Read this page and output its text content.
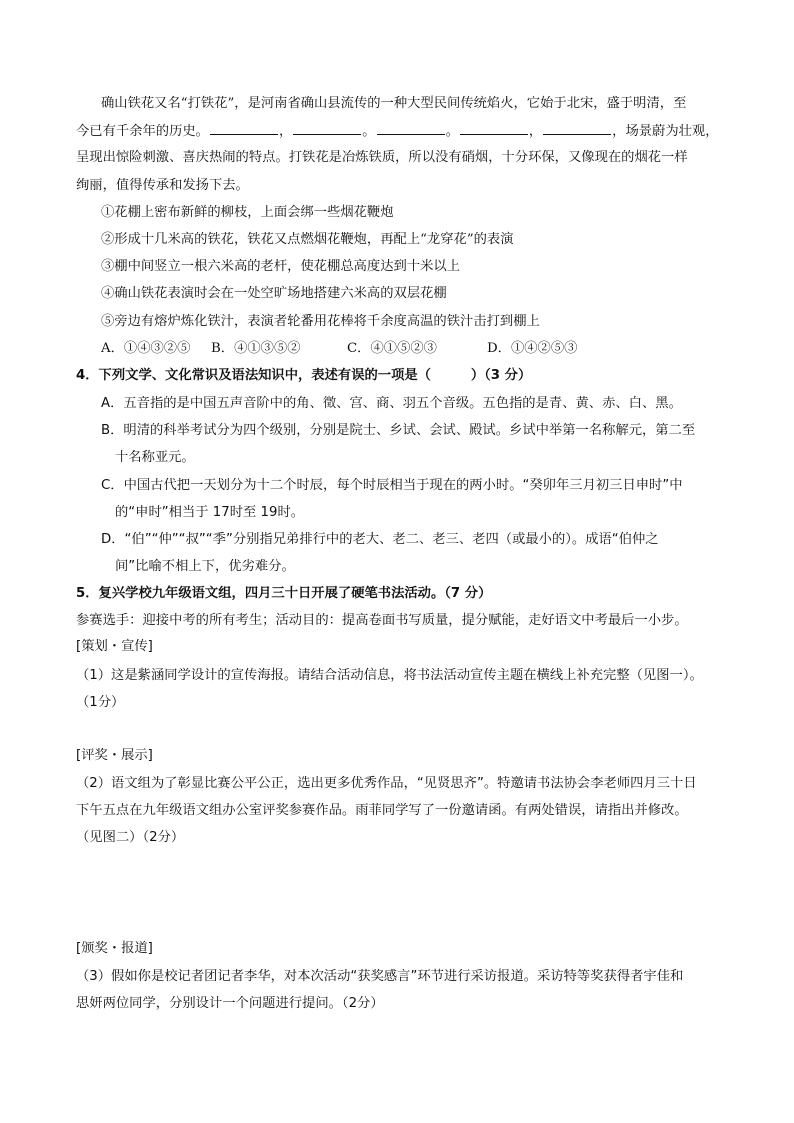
确山铁花又名“打铁花”，是河南省确山县流传的一种大型民间传统焰火，它始于北宋，盛于明清，至
今已有千余年的历史。	，	。	。	，	，场景蔚为壮观，
呈现出惊险刺激、喜庆热闹的特点。打铁花是冶炼铁质，所以没有硝烟，十分环保，又像现在的烟花一样
绚丽，值得传承和发扬下去。
①花棚上密布新鲜的柳枝，上面会绑一些烟花鞭炮
②形成十几米高的铁花，铁花又点燃烟花鞭炮，再配上“龙穿花”的表演
③棚中间竖立一根六米高的老杆，使花棚总高度达到十米以上
④确山铁花表演时会在一处空旷场地搭建六米高的双层花棚
⑤旁边有熔炉炼化铁汁，表演者轮番用花棒将千余度高温的铁汁击打到棚上
A．①④③②⑤ B．④①③⑤②	C．④①⑤②③	D．①④②⑤③
4．下列文学、文化常识及语法知识中，表述有误的一项是（　　　）（3 分）
A．五音指的是中国五声音阶中的角、徵、宫、商、羽五个音级。五色指的是青、黄、赤、白、黑。
B．明清的科举考试分为四个级别，分别是院士、乡试、会试、殿试。乡试中举第一名称解元，第二至
十名称亚元。
C．中国古代把一天划分为十二个时辰，每个时辰相当于现在的两小时。“癸卯年三月初三日申时”中
的“申时”相当于 17时至 19时。
D．“伯”“仲”“叔”“季”分别指兄弟排行中的老大、老二、老三、老四（或最小的）。成语“伯仲之
间”比喻不相上下，优劣难分。
5．复兴学校九年级语文组，四月三十日开展了硬笔书法活动。（7 分）
参赛选手：迎接中考的所有考生；活动目的：提高卷面书写质量，提分赋能，走好语文中考最后一小步。
[策划・宣传]
（1）这是紫涵同学设计的宣传海报。请结合活动信息，将书法活动宣传主题在横线上补充完整（见图一）。
（1分）
[评奖・展示]
（2）语文组为了彰显比赛公平公正，选出更多优秀作品，“见贤思齐”。特邀请书法协会李老师四月三十日
下午五点在九年级语文组办公室评奖参赛作品。雨菲同学写了一份邀请函。有两处错误，请指出并修改。
（见图二）（2分）
[颁奖・报道]
（3）假如你是校记者团记者李华，对本次活动“获奖感言”环节进行采访报道。采访特等奖获得者宇佳和
思妍两位同学，分别设计一个问题进行提问。（2分）
